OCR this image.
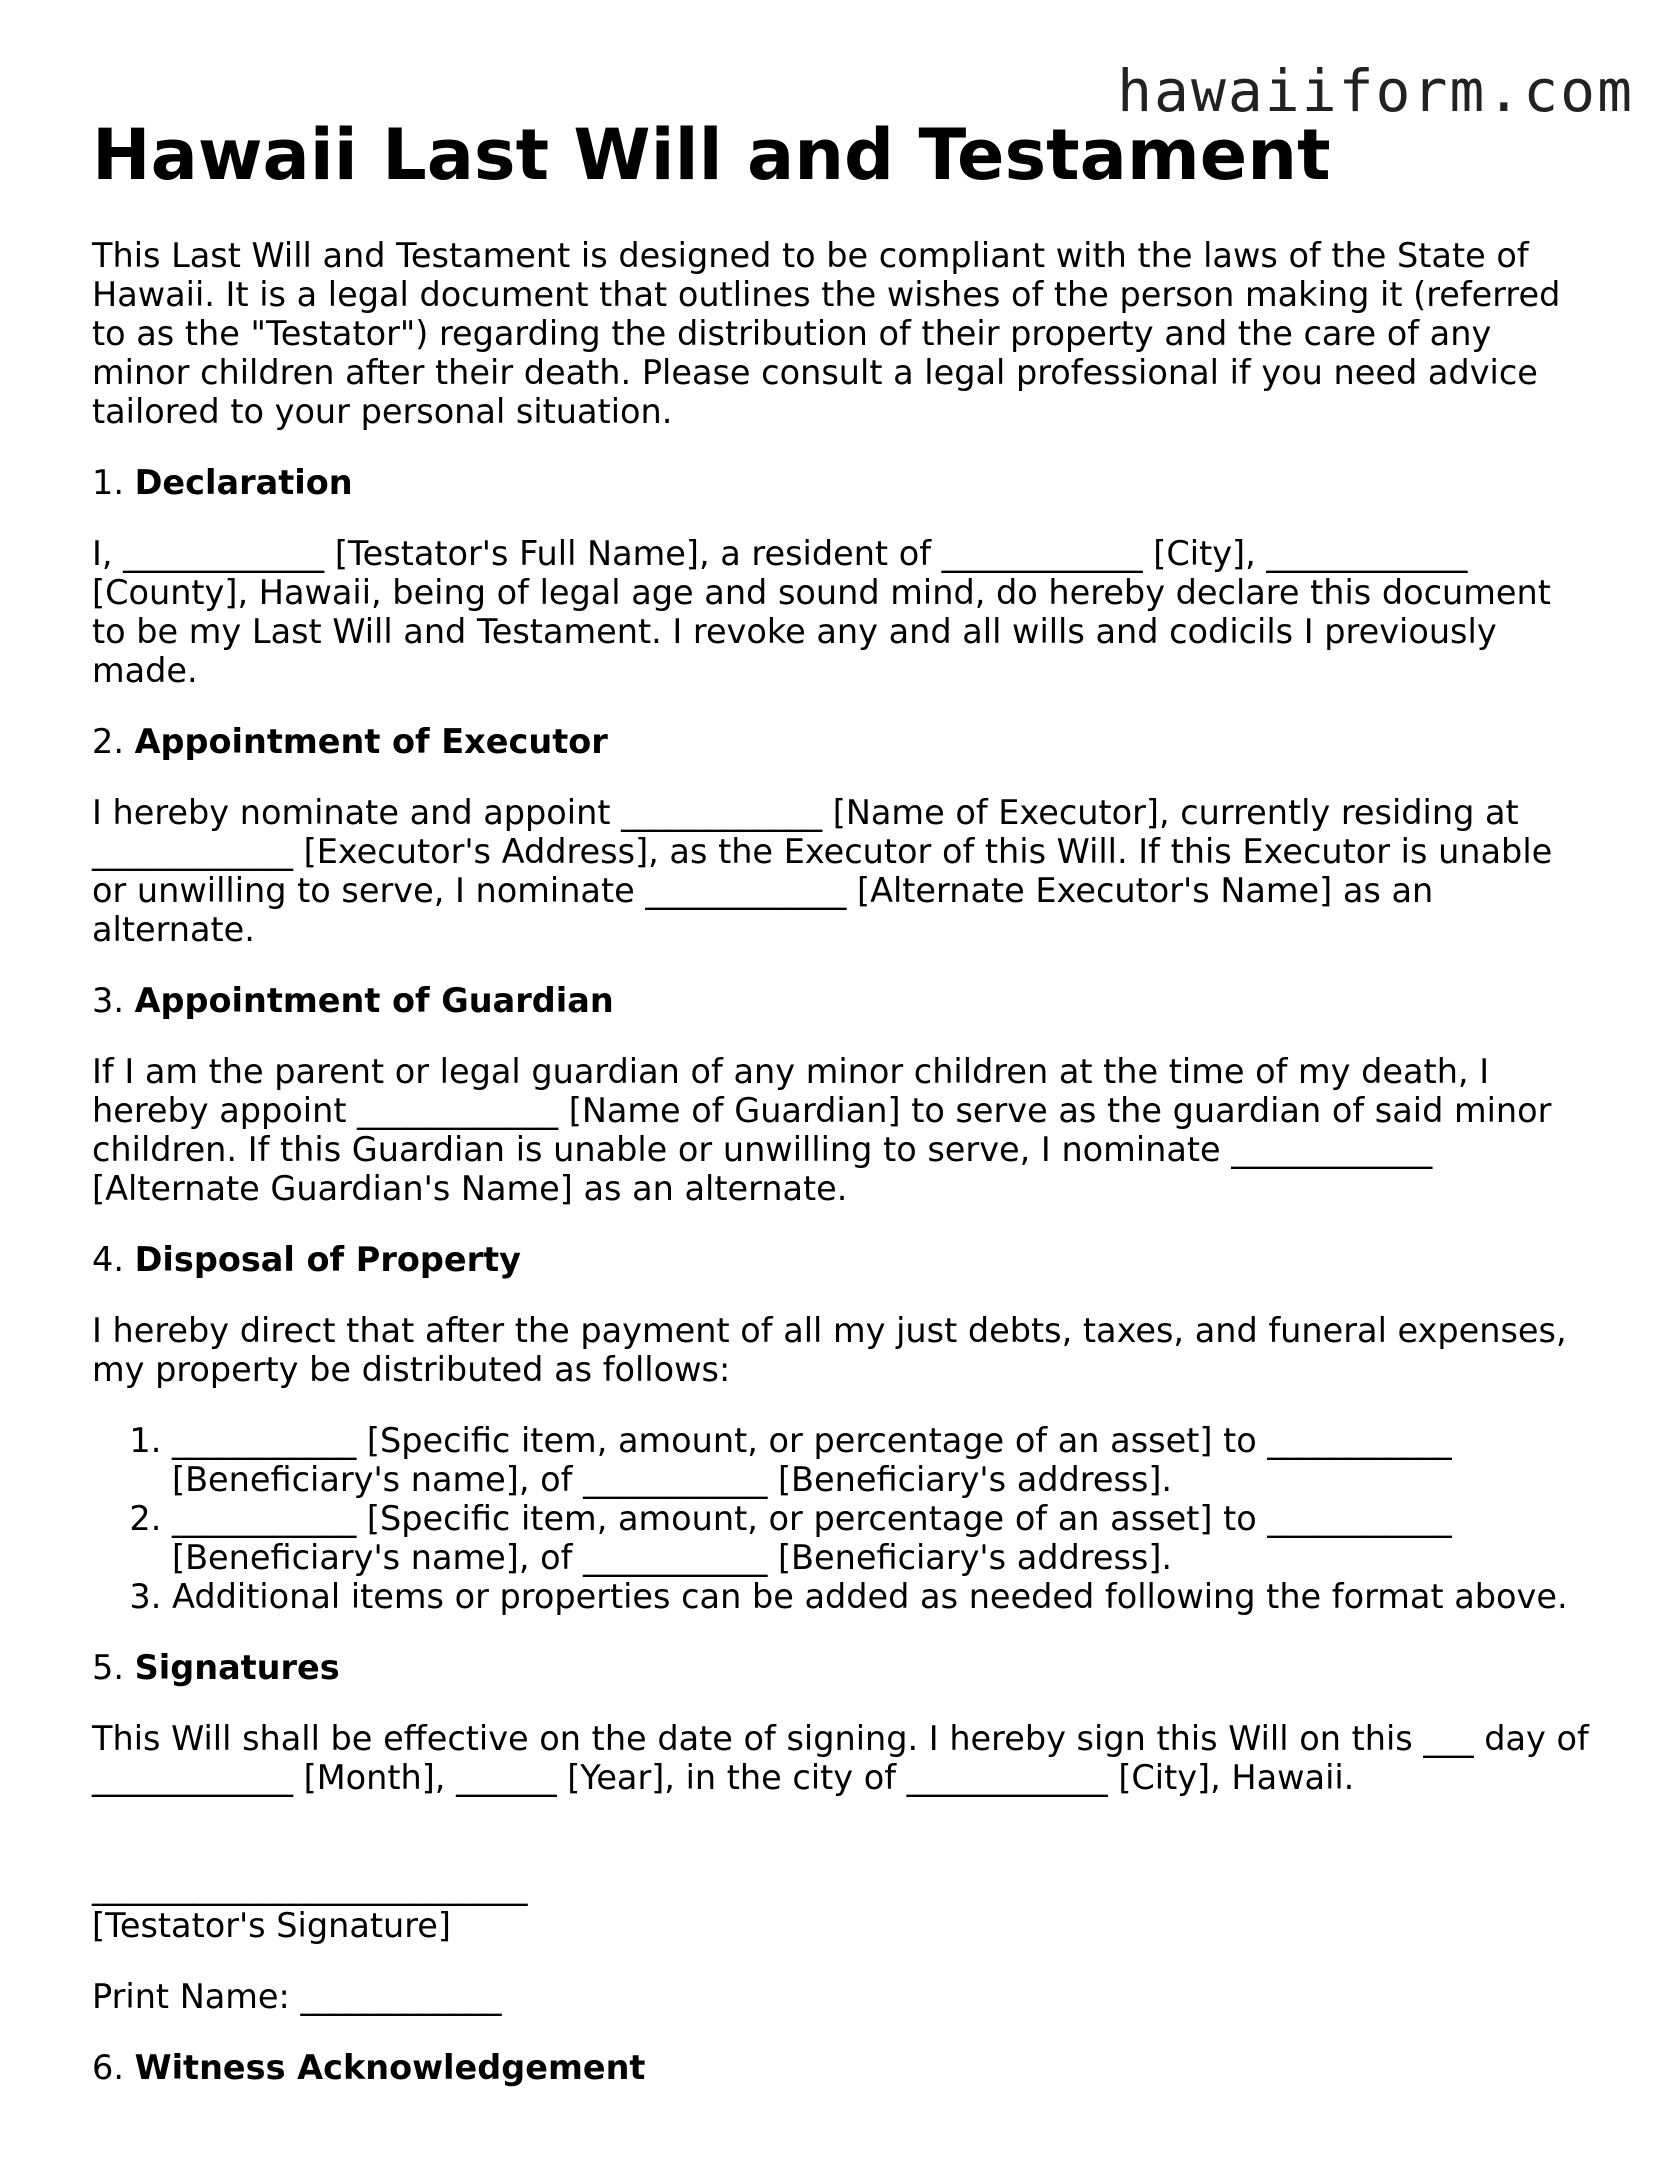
hawaiiform.com
Hawaii Last Will and Testament

This Last Will and Testament is designed to be compliant with the laws of the State of Hawaii. It is a legal document that outlines the wishes of the person making it (referred to as the "Testator") regarding the distribution of their property and the care of any minor children after their death. Please consult a legal professional if you need advice tailored to your personal situation.

1. Declaration

I, ____________ [Testator's Full Name], a resident of ____________ [City], ____________ [County], Hawaii, being of legal age and sound mind, do hereby declare this document to be my Last Will and Testament. I revoke any and all wills and codicils I previously made.

2. Appointment of Executor

I hereby nominate and appoint ____________ [Name of Executor], currently residing at ____________ [Executor's Address], as the Executor of this Will. If this Executor is unable or unwilling to serve, I nominate ____________ [Alternate Executor's Name] as an alternate.

3. Appointment of Guardian

If I am the parent or legal guardian of any minor children at the time of my death, I hereby appoint ____________ [Name of Guardian] to serve as the guardian of said minor children. If this Guardian is unable or unwilling to serve, I nominate ____________ [Alternate Guardian's Name] as an alternate.

4. Disposal of Property

I hereby direct that after the payment of all my just debts, taxes, and funeral expenses, my property be distributed as follows:

1. ___________ [Specific item, amount, or percentage of an asset] to ___________ [Beneficiary's name], of ___________ [Beneficiary's address].
2. ___________ [Specific item, amount, or percentage of an asset] to ___________ [Beneficiary's name], of ___________ [Beneficiary's address].
3. Additional items or properties can be added as needed following the format above.
5. Signatures

This Will shall be effective on the date of signing. I hereby sign this Will on this ___ day of ____________ [Month], ______ [Year], in the city of ____________ [City], Hawaii.

__________________________

[Testator's Signature]

Print Name: ____________

6. Witness Acknowledgement
